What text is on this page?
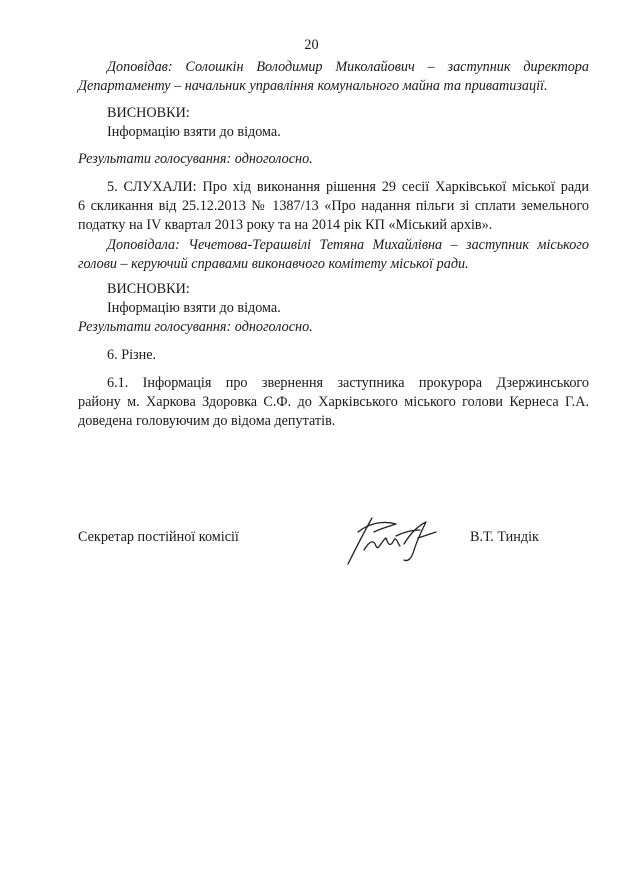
20
Доповідав: Солошкін Володимир Миколайович – заступник директора
Департаменту – начальник управління комунального майна та приватизації.
ВИСНОВКИ:
Інформацію взяти до відома.
Результати голосування: одноголосно.
5. СЛУХАЛИ: Про хід виконання рішення 29 сесії Харківської міської ради
6 скликання від 25.12.2013 № 1387/13 «Про надання пільги зі сплати земельного
податку на IV квартал 2013 року та на 2014 рік КП «Міський архів».
Доповідала: Чечетова-Терашвілі Тетяна Михайлівна – заступник міського
голови – керуючий справами виконавчого комітету міської ради.
ВИСНОВКИ:
Інформацію взяти до відома.
Результати голосування: одноголосно.
6. Різне.
6.1. Інформація про звернення заступника прокурора Дзержинського
району м. Харкова Здоровка С.Ф. до Харківського міського голови Кернеса Г.А.
доведена головуючим до відома депутатів.
Секретар постійної комісії	В.Т. Тиндік
